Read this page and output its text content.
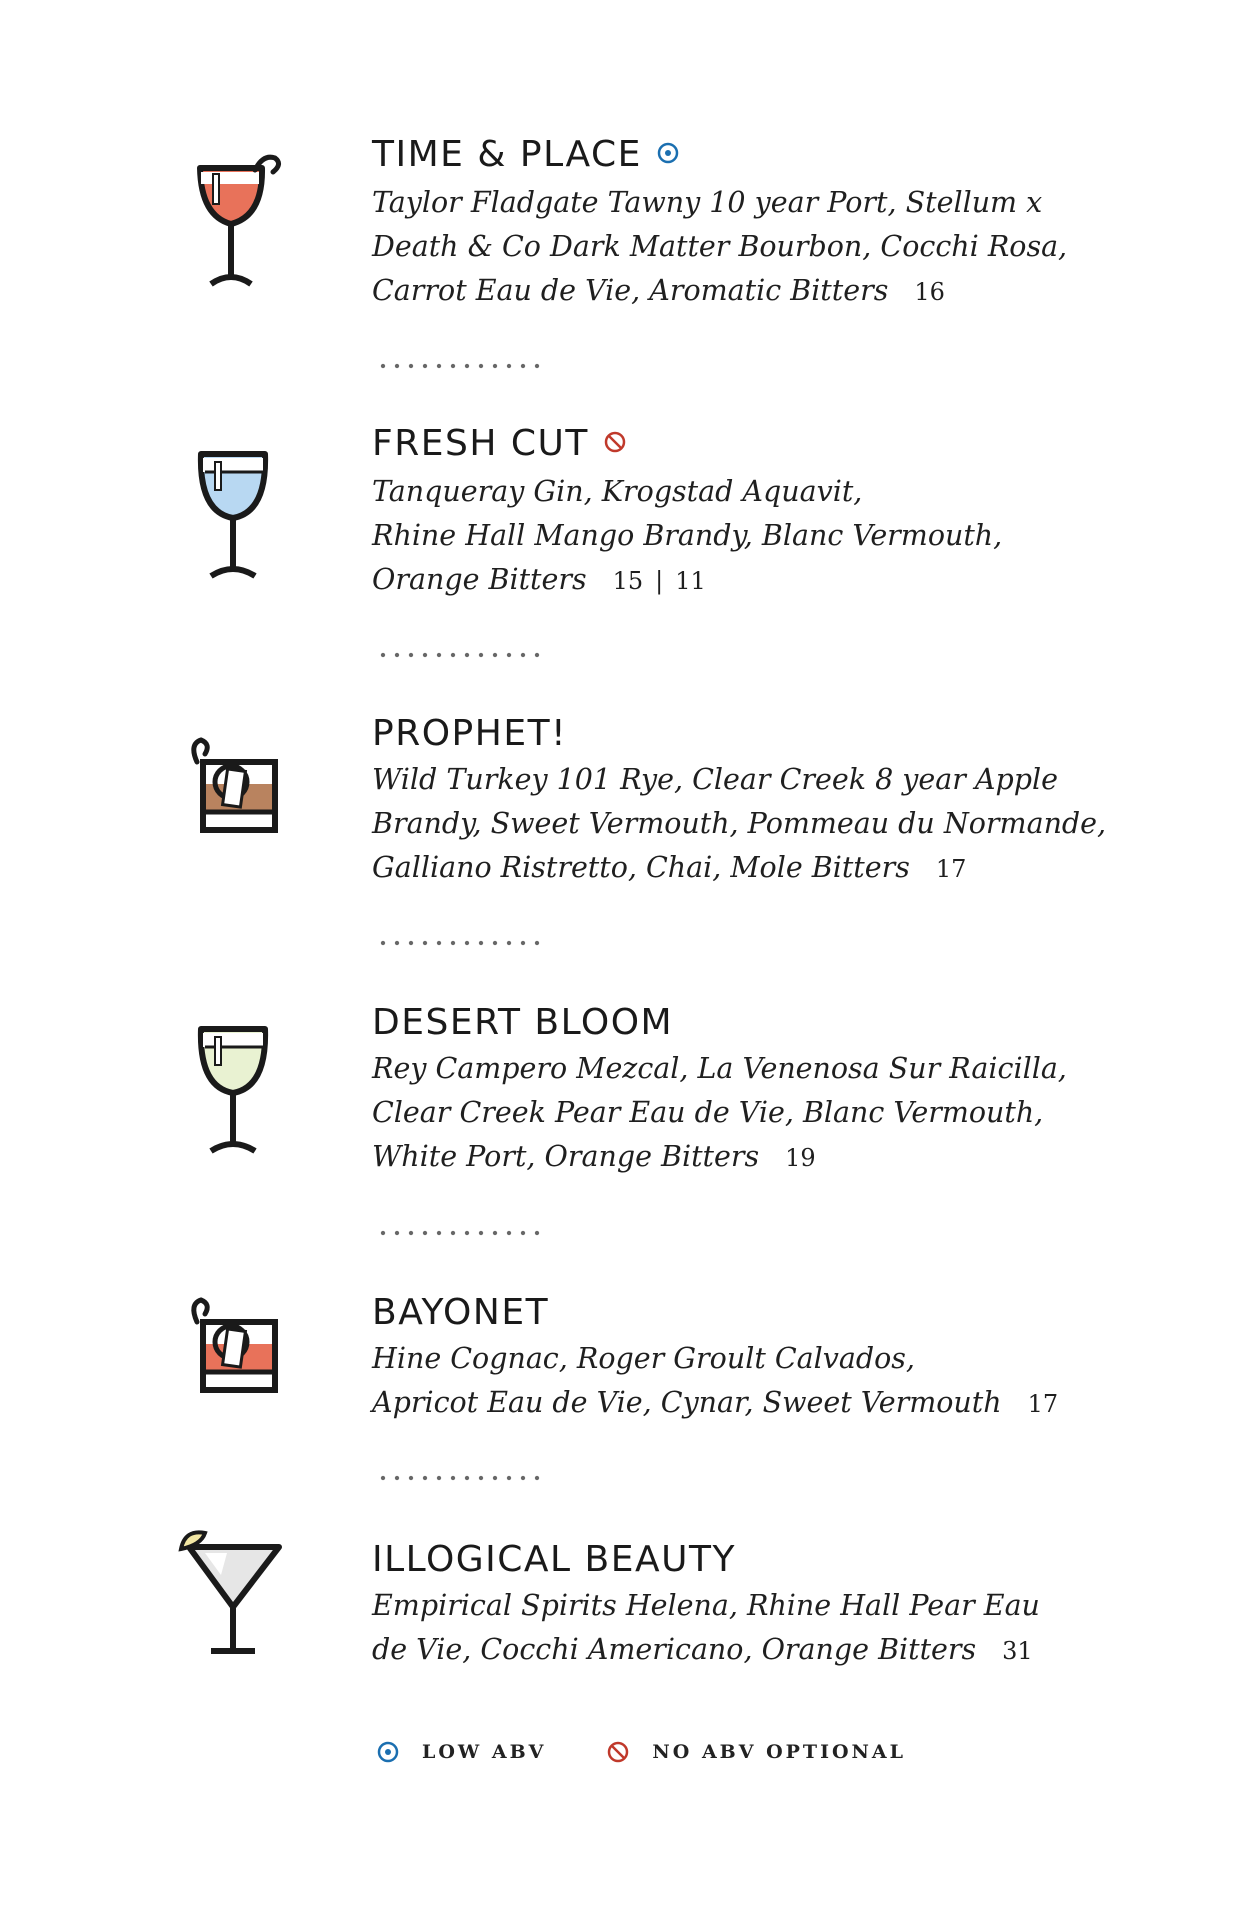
TIME & PLACE
Taylor Fladgate Tawny 10 year Port, Stellum x
Death & Co Dark Matter Bourbon, Cocchi Rosa,
Carrot Eau de Vie, Aromatic Bitters 16
FRESH CUT
Tanqueray Gin, Krogstad Aquavit,
Rhine Hall Mango Brandy, Blanc Vermouth,
Orange Bitters 15 | 11
PROPHET!
Wild Turkey 101 Rye, Clear Creek 8 year Apple
Brandy, Sweet Vermouth, Pommeau du Normande,
Galliano Ristretto, Chai, Mole Bitters 17
DESERT BLOOM
Rey Campero Mezcal, La Venenosa Sur Raicilla,
Clear Creek Pear Eau de Vie, Blanc Vermouth,
White Port, Orange Bitters 19
BAYONET
Hine Cognac, Roger Groult Calvados,
Apricot Eau de Vie, Cynar, Sweet Vermouth 17
ILLOGICAL BEAUTY
Empirical Spirits Helena, Rhine Hall Pear Eau
de Vie, Cocchi Americano, Orange Bitters 31
LOW ABV	NO ABV OPTIONAL
